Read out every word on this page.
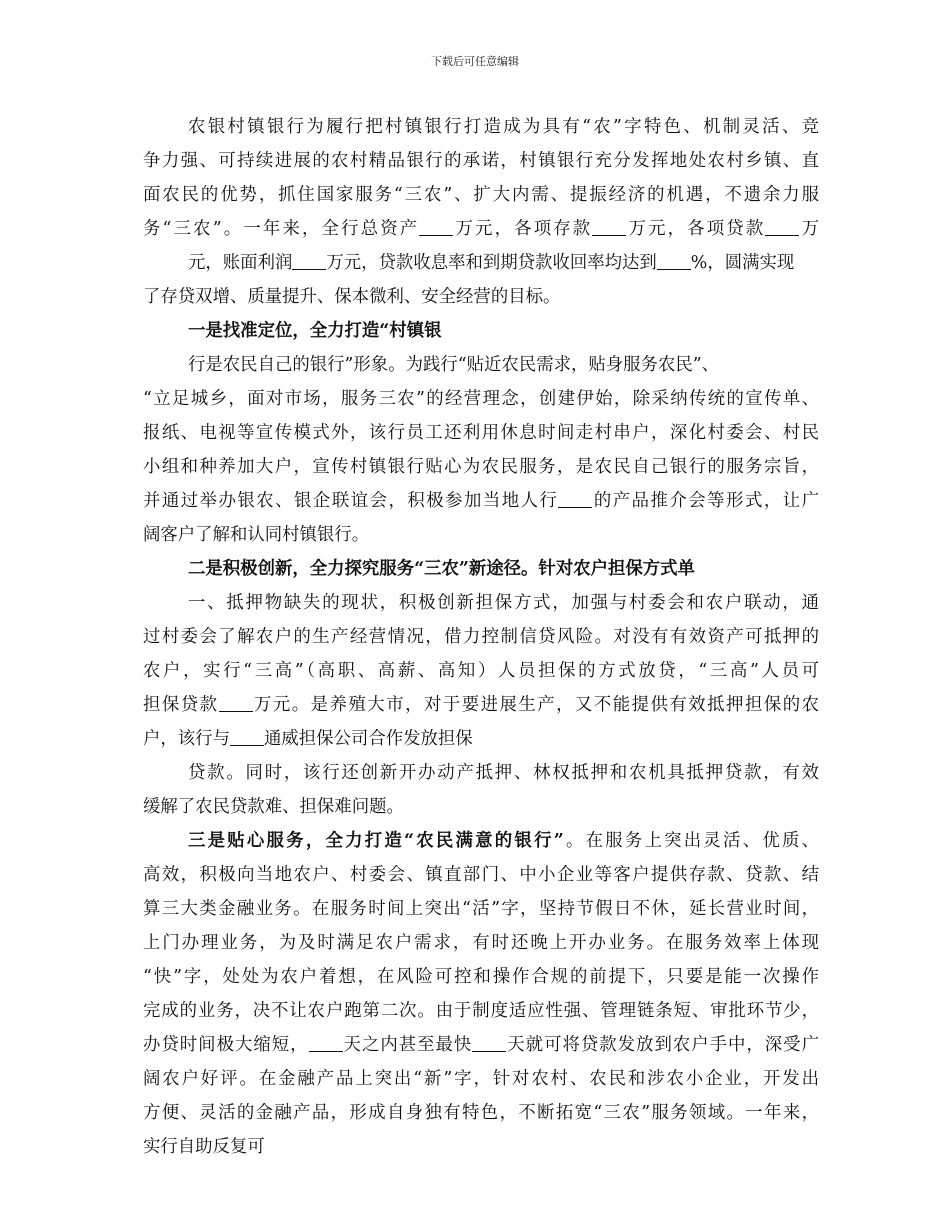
下载后可任意编辑
农银村镇银行为履行把村镇银行打造成为具有“农”字特色、机制灵活、竞
争力强、可持续进展的农村精品银行的承诺，村镇银行充分发挥地处农村乡镇、直
面农民的优势，抓住国家服务“三农”、扩大内需、提振经济的机遇，不遗余力服
务“三农”。一年来，全行总资产 万元，各项存款 万元，各项贷款 万
元，账面利润 万元，贷款收息率和到期贷款收回率均达到 %，圆满实现
了存贷双增、质量提升、保本微利、安全经营的目标。
一是找准定位，全力打造“村镇银
行是农民自己的银行”形象。为践行“贴近农民需求，贴身服务农民”、
“立足城乡，面对市场，服务三农”的经营理念，创建伊始，除采纳传统的宣传单、
报纸、电视等宣传模式外，该行员工还利用休息时间走村串户，深化村委会、村民
小组和种养加大户，宣传村镇银行贴心为农民服务，是农民自己银行的服务宗旨，
并通过举办银农、银企联谊会，积极参加当地人行 的产品推介会等形式，让广
阔客户了解和认同村镇银行。
二是积极创新，全力探究服务“三农”新途径。针对农户担保方式单
一、抵押物缺失的现状，积极创新担保方式，加强与村委会和农户联动，通
过村委会了解农户的生产经营情况，借力控制信贷风险。对没有有效资产可抵押的
农户，实行“三高”（高职、高薪、高知）人员担保的方式放贷，“三高”人员可
担保贷款 万元。是养殖大市，对于要进展生产，又不能提供有效抵押担保的农
户，该行与 通威担保公司合作发放担保
贷款。同时，该行还创新开办动产抵押、林权抵押和农机具抵押贷款，有效
缓解了农民贷款难、担保难问题。
三是贴心服务，全力打造“农民满意的银行”。在服务上突出灵活、优质、
高效，积极向当地农户、村委会、镇直部门、中小企业等客户提供存款、贷款、结
算三大类金融业务。在服务时间上突出“活”字，坚持节假日不休，延长营业时间，
上门办理业务，为及时满足农户需求，有时还晚上开办业务。在服务效率上体现
“快”字，处处为农户着想，在风险可控和操作合规的前提下，只要是能一次操作
完成的业务，决不让农户跑第二次。由于制度适应性强、管理链条短、审批环节少，
办贷时间极大缩短， 天之内甚至最快 天就可将贷款发放到农户手中，深受广
阔农户好评。在金融产品上突出“新”字，针对农村、农民和涉农小企业，开发出
方便、灵活的金融产品，形成自身独有特色，不断拓宽“三农”服务领域。一年来，
实行自助反复可
